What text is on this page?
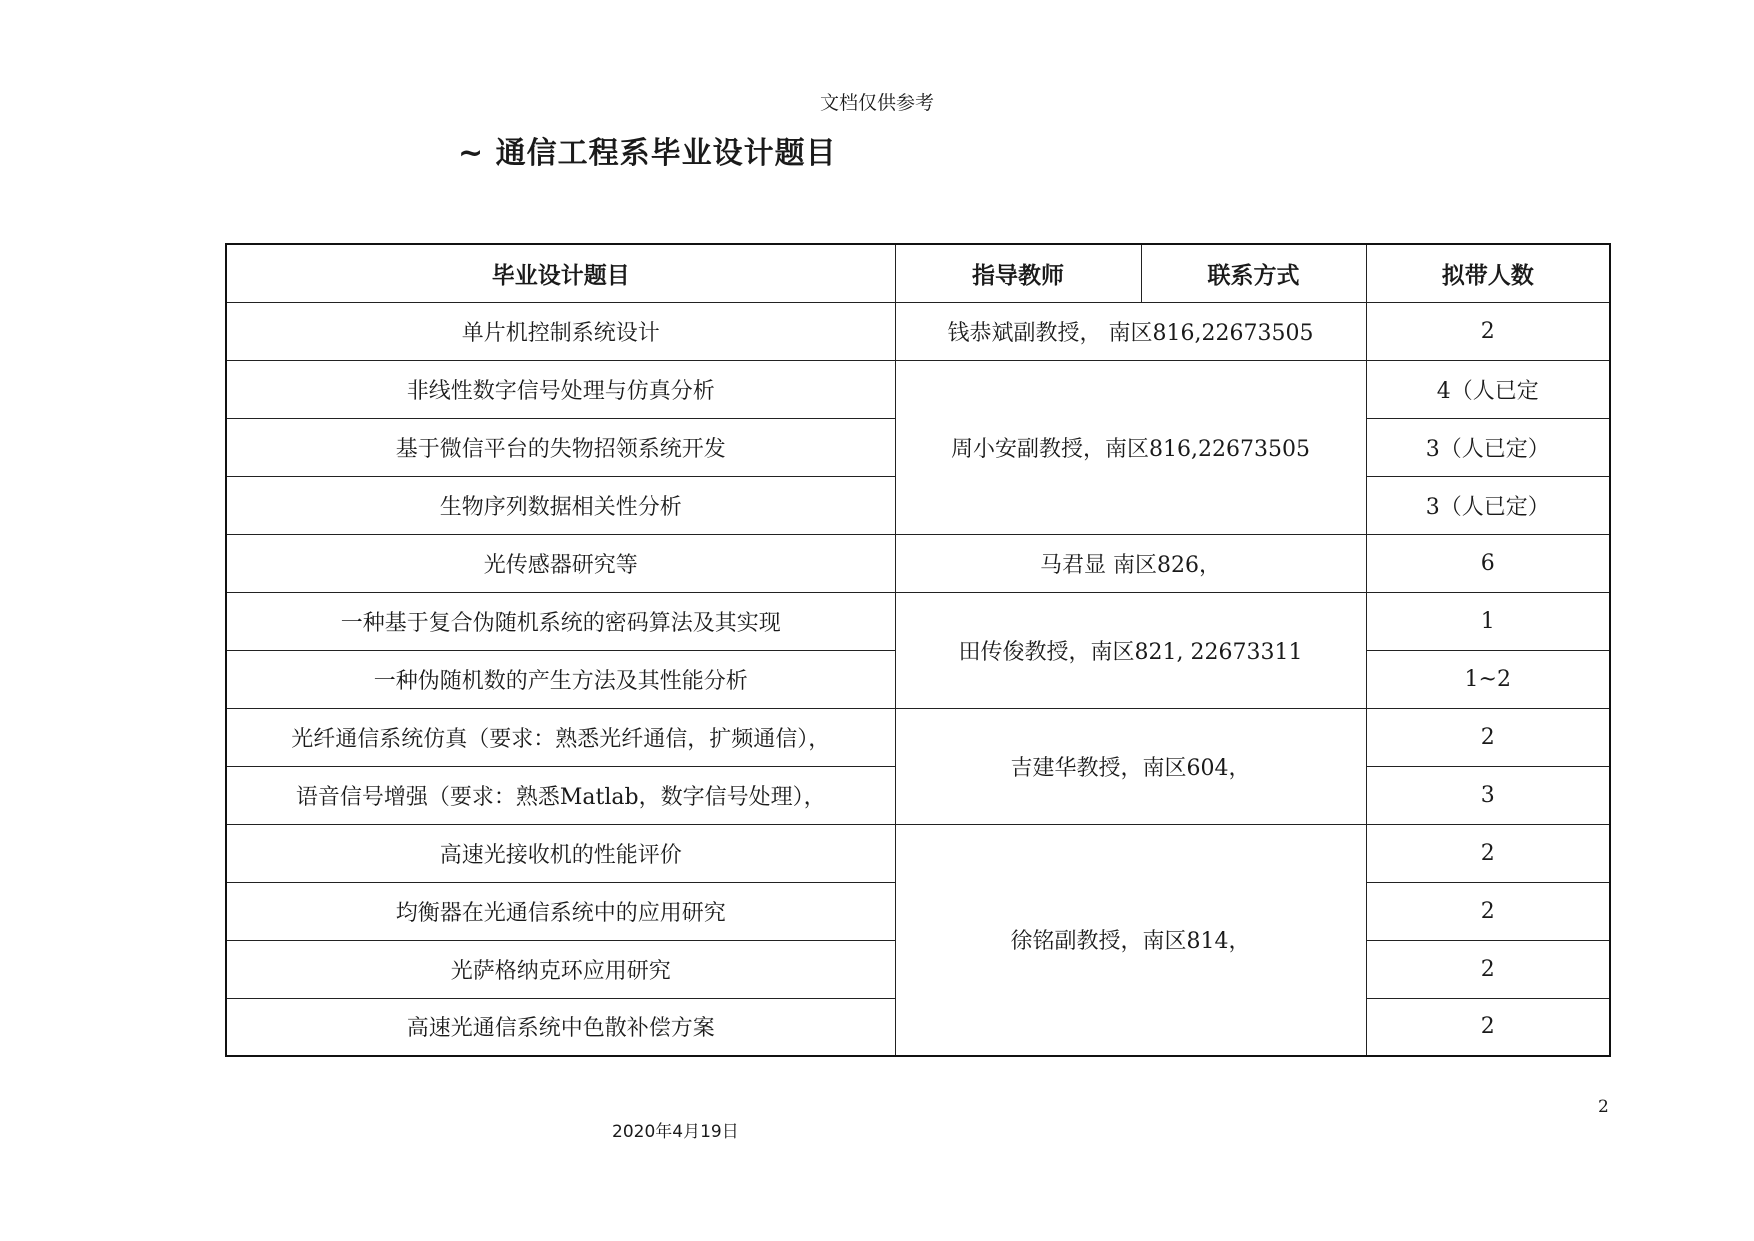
文档仅供参考
~ 通信工程系毕业设计题目
毕业设计题目	指导教师	联系方式	拟带人数
单片机控制系统设计	钱恭斌副教授， 南区816,22673505		2
非线性数字信号处理与仿真分析	周小安副教授，南区816,22673505		4（人已定
基于微信平台的失物招领系统开发			3（人已定）
生物序列数据相关性分析			3（人已定）
光传感器研究等	马君显 南区826，		6
一种基于复合伪随机系统的密码算法及其实现	田传俊教授，南区821, 22673311		1
一种伪随机数的产生方法及其性能分析			1~2
光纤通信系统仿真（要求：熟悉光纤通信，扩频通信），	吉建华教授，南区604，		2
语音信号增强（要求：熟悉Matlab，数字信号处理），			3
高速光接收机的性能评价	徐铭副教授，南区814，		2
均衡器在光通信系统中的应用研究			2
光萨格纳克环应用研究			2
高速光通信系统中色散补偿方案			2
2
2020年4月19日
